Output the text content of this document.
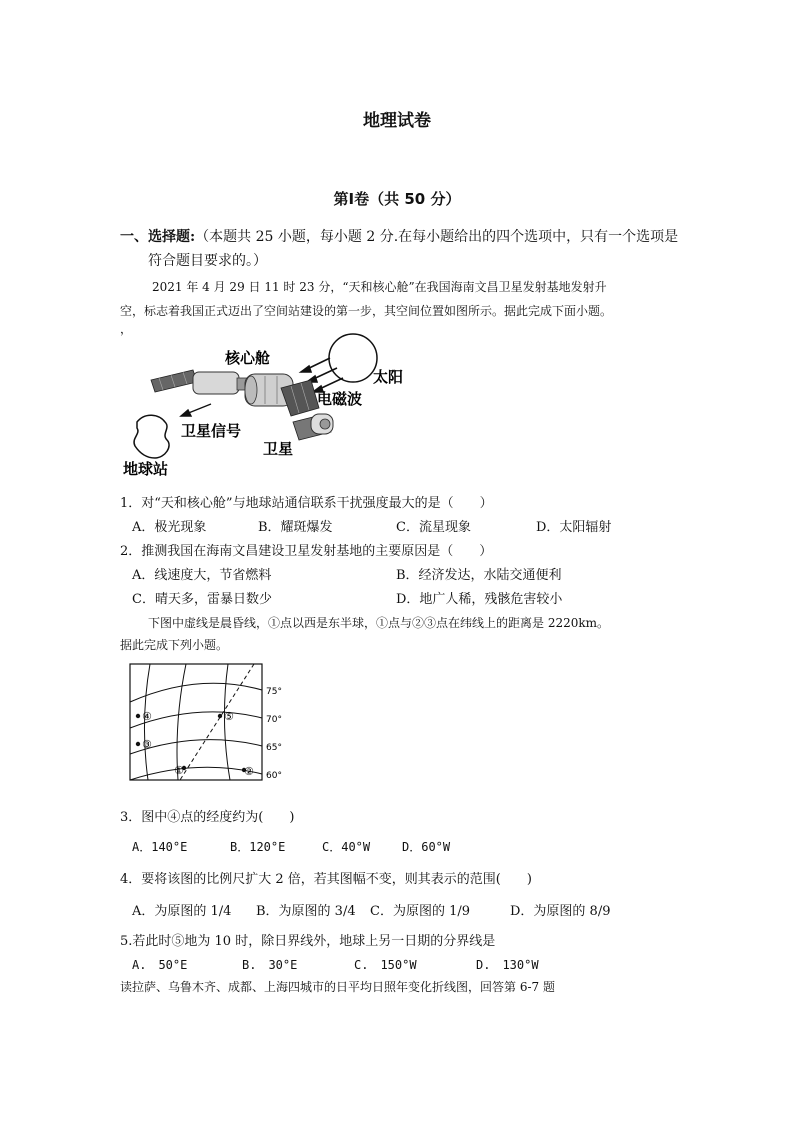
地理试卷
第Ⅰ卷（共 50 分）
一、选择题:（本题共 25 小题，每小题 2 分.在每小题给出的四个选项中，只有一个选项是
符合题目要求的。）
2021 年 4 月 29 日 11 时 23 分，“天和核心舱”在我国海南文昌卫星发射基地发射升
空，标志着我国正式迈出了空间站建设的第一步，其空间位置如图所示。据此完成下面小题。
，
核心舱
太阳
电磁波
卫星信号
卫星
地球站
1．对“天和核心舱”与地球站通信联系干扰强度最大的是（　　）
A．极光现象	B．耀斑爆发	C．流星现象	D．太阳辐射
2．推测我国在海南文昌建设卫星发射基地的主要原因是（　　）
A．线速度大，节省燃料	B．经济发达，水陆交通便利
C．晴天多，雷暴日数少	D．地广人稀，残骸危害较小
下图中虚线是晨昏线，①点以西是东半球，①点与②③点在纬线上的距离是 2220km。
据此完成下列小题。
①	②
③
④	⑤
75°
70°
65°
60°
3．图中④点的经度约为(　　)
A．140°E	B．120°E	C．40°W	D．60°W
4．要将该图的比例尺扩大 2 倍，若其图幅不变，则其表示的范围(　　)
A．为原图的 1/4 B．为原图的 3/4 C．为原图的 1/9	D．为原图的 8/9
5.若此时⑤地为 10 时，除日界线外，地球上另一日期的分界线是
A.　50°E	B.　30°E	C.　150°W	D.　130°W
读拉萨、乌鲁木齐、成都、上海四城市的日平均日照年变化折线图，回答第 6-7 题
